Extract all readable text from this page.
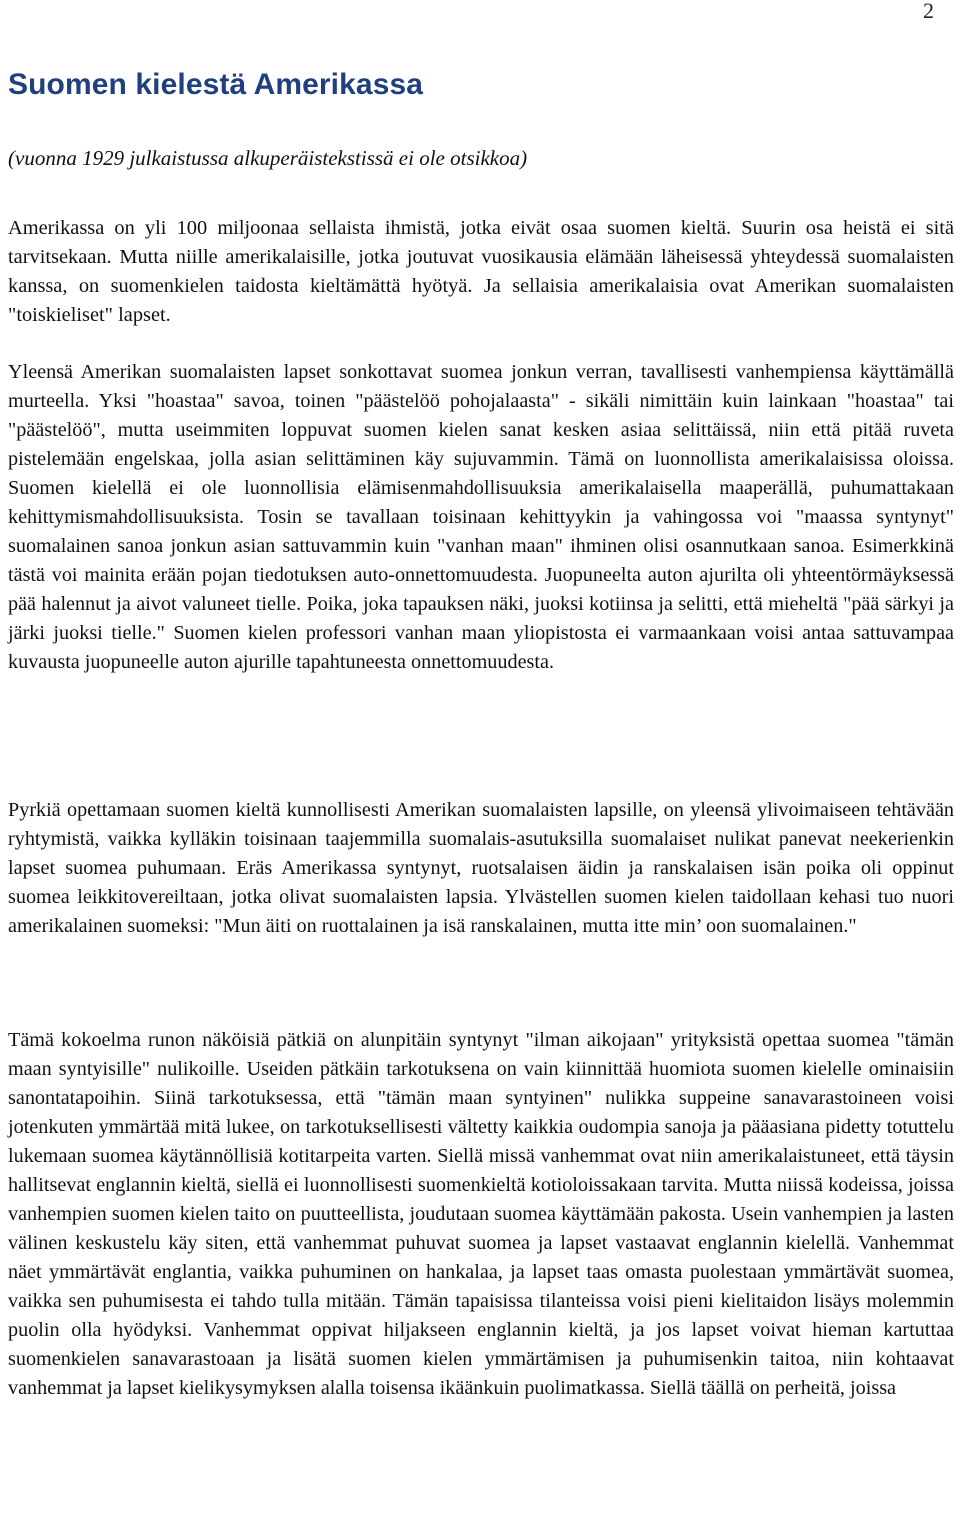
2
Suomen kielestä Amerikassa

(vuonna 1929 julkaistussa alkuperäistekstissä ei ole otsikkoa)

Amerikassa on yli 100 miljoonaa sellaista ihmistä, jotka eivät osaa suomen kieltä. Suurin osa heistä ei sitä tarvitsekaan. Mutta niille amerikalaisille, jotka joutuvat vuosikausia elämään läheisessä yhteydessä suomalaisten kanssa, on suomenkielen taidosta kieltämättä hyötyä. Ja sellaisia amerikalaisia ovat Amerikan suomalaisten "toiskieliset" lapset.

Yleensä Amerikan suomalaisten lapset sonkottavat suomea jonkun verran, tavallisesti vanhempiensa käyttämällä murteella. Yksi "hoastaa" savoa, toinen "päästelöö pohojalaasta" - sikäli nimittäin kuin lainkaan "hoastaa" tai "päästelöö", mutta useimmiten loppuvat suomen kielen sanat kesken asiaa selittäissä, niin että pitää ruveta pistelemään engelskaa, jolla asian selittäminen käy sujuvammin. Tämä on luonnollista amerikalaisissa oloissa. Suomen kielellä ei ole luonnollisia elämisenmahdollisuuksia amerikalaisella maaperällä, puhumattakaan kehittymismahdollisuuksista. Tosin se tavallaan toisinaan kehittyykin ja vahingossa voi "maassa syntynyt" suomalainen sanoa jonkun asian sattuvammin kuin "vanhan maan" ihminen olisi osannutkaan sanoa. Esimerkkinä tästä voi mainita erään pojan tiedotuksen auto-onnettomuudesta. Juopuneelta auton ajurilta oli yhteentörmäyksessä pää halennut ja aivot valuneet tielle. Poika, joka tapauksen näki, juoksi kotiinsa ja selitti, että mieheltä "pää särkyi ja järki juoksi tielle." Suomen kielen professori vanhan maan yliopistosta ei varmaankaan voisi antaa sattuvampaa kuvausta juopuneelle auton ajurille tapahtuneesta onnettomuudesta.

Pyrkiä opettamaan suomen kieltä kunnollisesti Amerikan suomalaisten lapsille, on yleensä ylivoimaiseen tehtävään ryhtymistä, vaikka kylläkin toisinaan taajemmilla suomalais-asutuksilla suomalaiset nulikat panevat neekerienkin lapset suomea puhumaan. Eräs Amerikassa syntynyt, ruotsalaisen äidin ja ranskalaisen isän poika oli oppinut suomea leikkitovereiltaan, jotka olivat suomalaisten lapsia. Ylvästellen suomen kielen taidollaan kehasi tuo nuori amerikalainen suomeksi: "Mun äiti on ruottalainen ja isä ranskalainen, mutta itte min’ oon suomalainen."

Tämä kokoelma runon näköisiä pätkiä on alunpitäin syntynyt "ilman aikojaan" yrityksistä opettaa suomea "tämän maan syntyisille" nulikoille. Useiden pätkäin tarkotuksena on vain kiinnittää huomiota suomen kielelle ominaisiin sanontatapoihin. Siinä tarkotuksessa, että "tämän maan syntyinen" nulikka suppeine sanavarastoineen voisi jotenkuten ymmärtää mitä lukee, on tarkotuksellisesti vältetty kaikkia oudompia sanoja ja pääasiana pidetty totuttelu lukemaan suomea käytännöllisiä kotitarpeita varten. Siellä missä vanhemmat ovat niin amerikalaistuneet, että täysin hallitsevat englannin kieltä, siellä ei luonnollisesti suomenkieltä kotioloissakaan tarvita. Mutta niissä kodeissa, joissa vanhempien suomen kielen taito on puutteellista, joudutaan suomea käyttämään pakosta. Usein vanhempien ja lasten välinen keskustelu käy siten, että vanhemmat puhuvat suomea ja lapset vastaavat englannin kielellä. Vanhemmat näet ymmärtävät englantia, vaikka puhuminen on hankalaa, ja lapset taas omasta puolestaan ymmärtävät suomea, vaikka sen puhumisesta ei tahdo tulla mitään. Tämän tapaisissa tilanteissa voisi pieni kielitaidon lisäys molemmin puolin olla hyödyksi. Vanhemmat oppivat hiljakseen englannin kieltä, ja jos lapset voivat hieman kartuttaa suomenkielen sanavarastoaan ja lisätä suomen kielen ymmärtämisen ja puhumisenkin taitoa, niin kohtaavat vanhemmat ja lapset kielikysymyksen alalla toisensa ikäänkuin puolimatkassa. Siellä täällä on perheitä, joissa
